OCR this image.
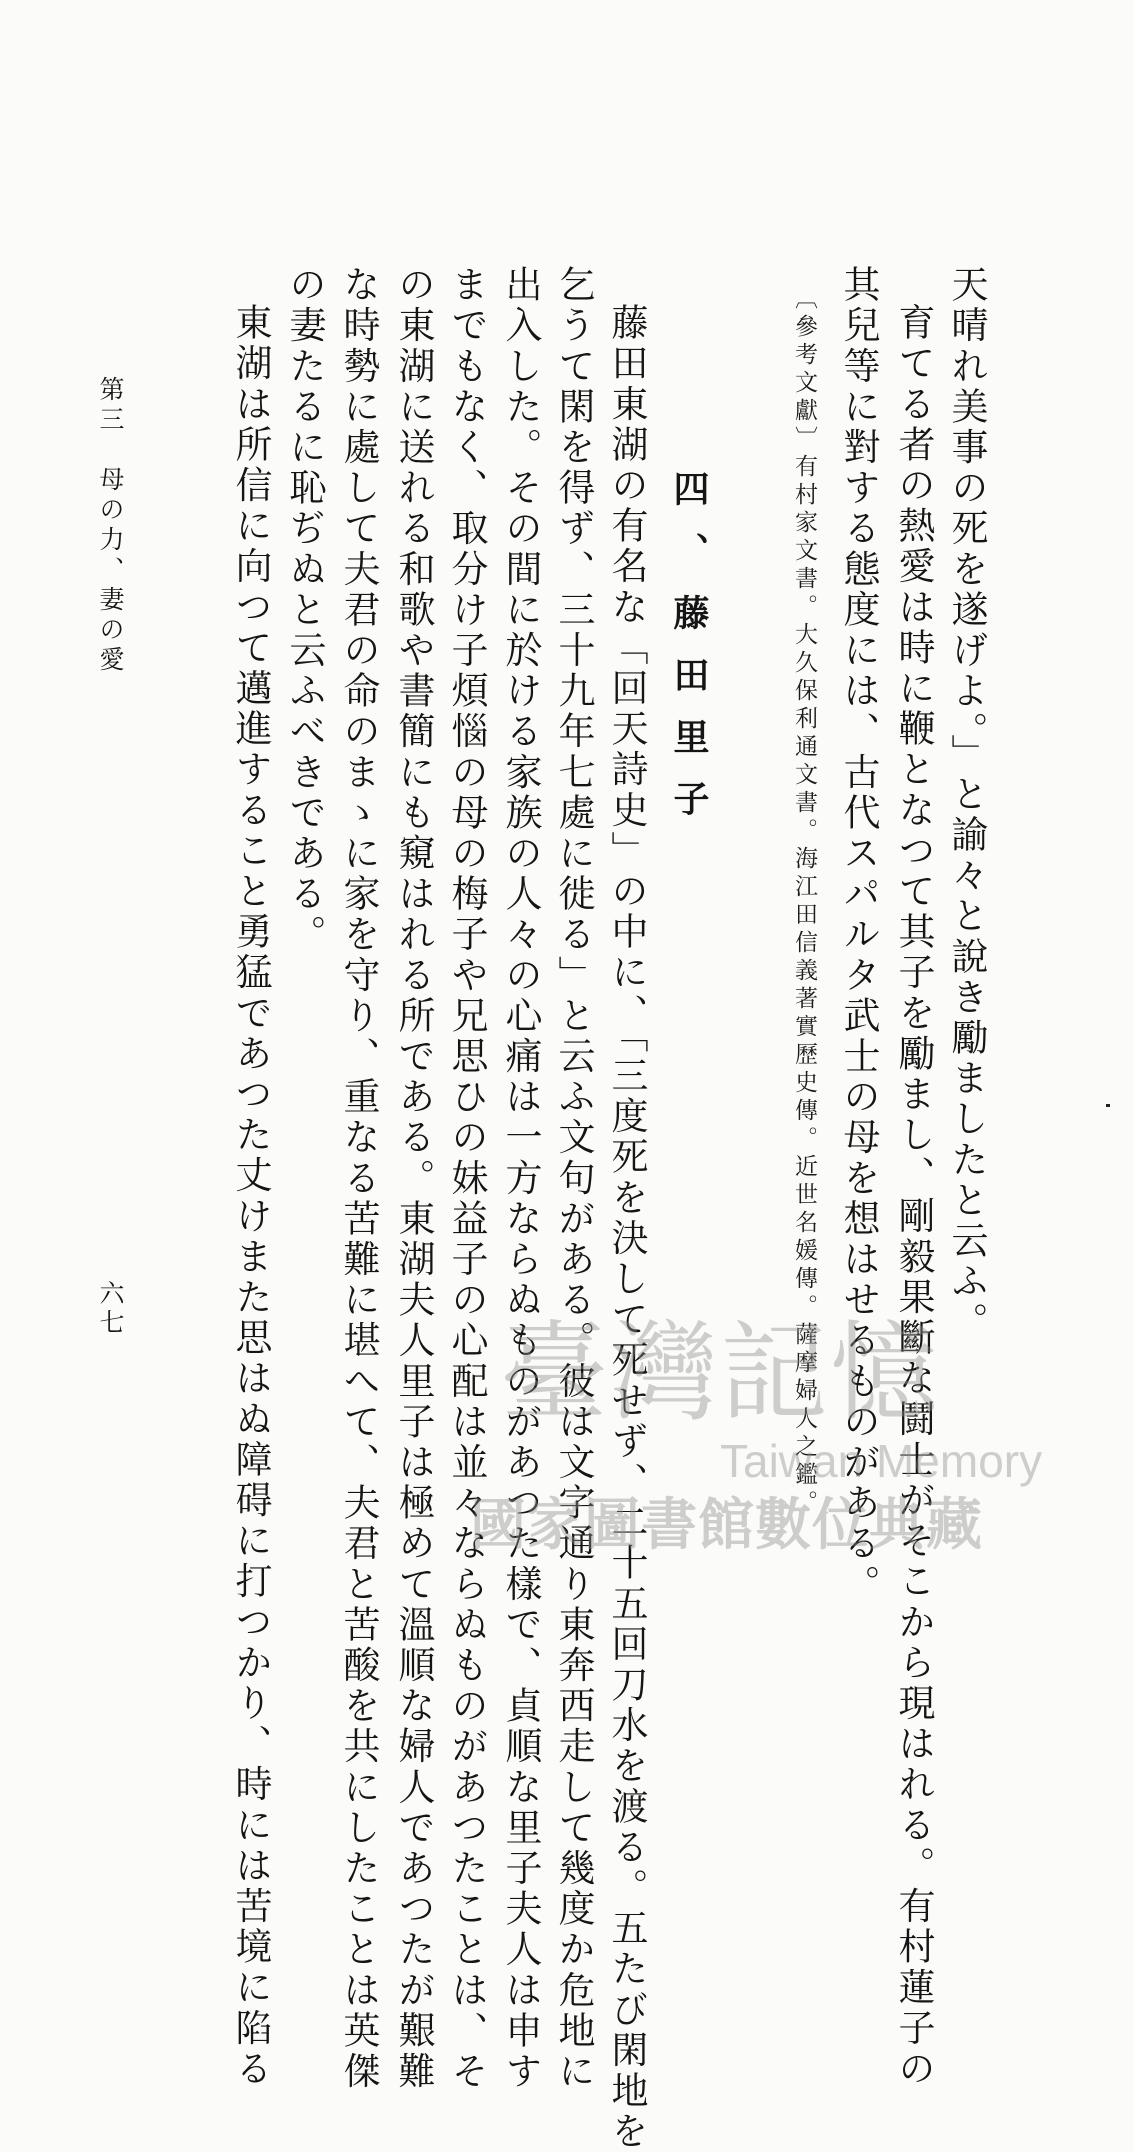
天晴れ美事の死を遂げよ。」と諭々と說き勵ましたと云ふ。
育てる者の熱愛は時に鞭となつて其子を勵まし、剛毅果斷な鬪士がそこから現はれる。有村蓮子の
其兒等に對する態度には、古代スパルタ武士の母を想はせるものがある。
〔參考文獻〕有村家文書。大久保利通文書。海江田信義著實歷史傳。近世名媛傳。薩摩婦人之鑑。
四、藤田里子
藤田東湖の有名な「回天詩史」の中に、「三度死を決して死せず、二十五回刀水を渡る。五たび閑地を
乞うて閑を得ず、三十九年七處に徙る」と云ふ文句がある。彼は文字通り東奔西走して幾度か危地に
出入した。その間に於ける家族の人々の心痛は一方ならぬものがあつた樣で、貞順な里子夫人は申す
までもなく、取分け子煩惱の母の梅子や兄思ひの妹益子の心配は並々ならぬものがあつたことは、そ
の東湖に送れる和歌や書簡にも窺はれる所である。東湖夫人里子は極めて溫順な婦人であつたが艱難
な時勢に處して夫君の命のまゝに家を守り、重なる苦難に堪へて、夫君と苦酸を共にしたことは英傑
の妻たるに恥ぢぬと云ふべきである。
東湖は所信に向つて邁進すること勇猛であつた丈けまた思はぬ障碍に打つかり、時には苦境に陷る
第三　母の力、妻の愛
六七
臺灣記憶
Taiwan Memory
國家圖書館數位典藏
